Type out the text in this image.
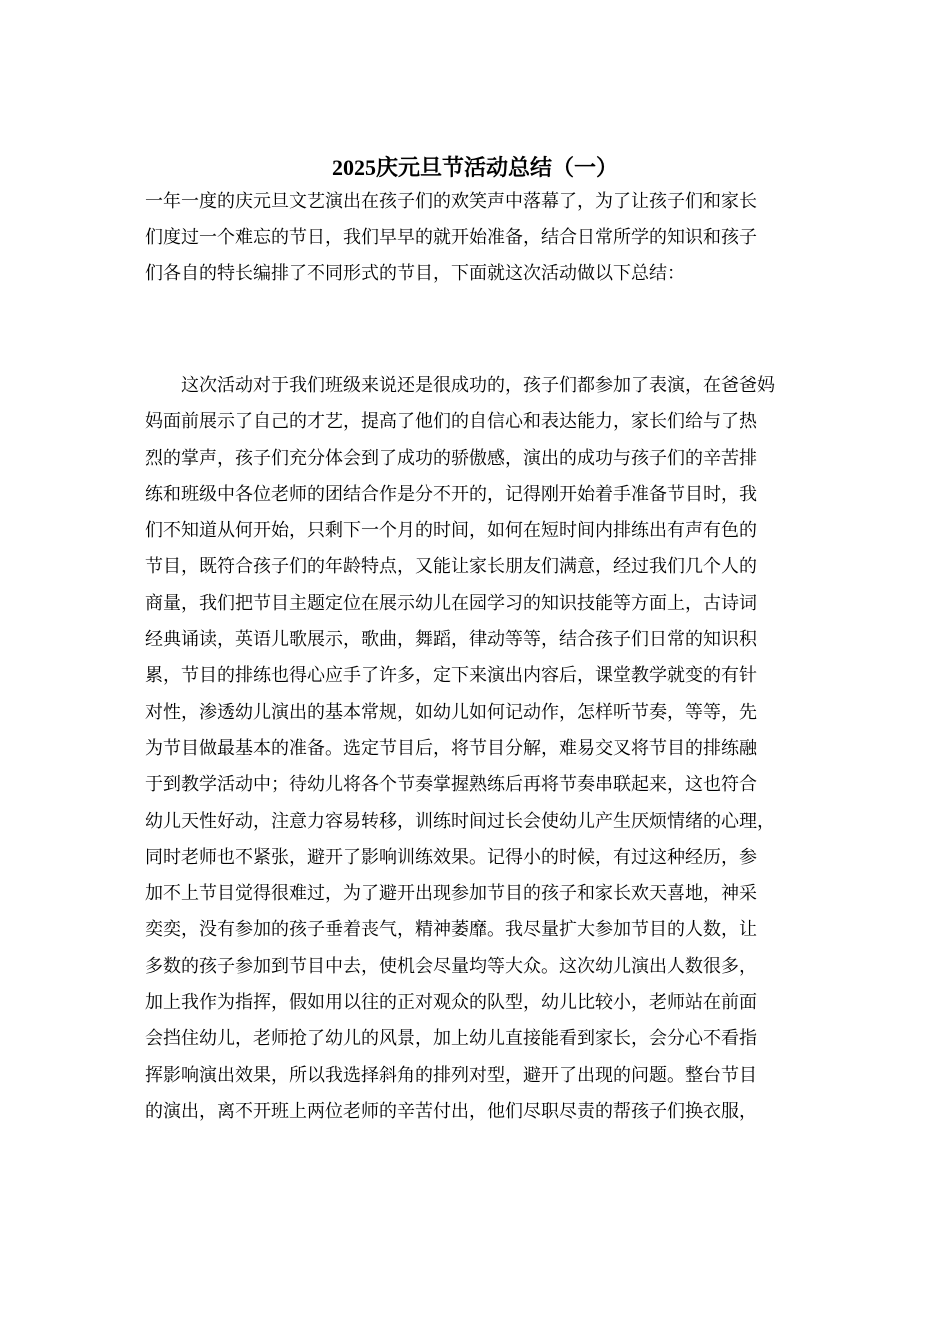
2025庆元旦节活动总结（一）
一年一度的庆元旦文艺演出在孩子们的欢笑声中落幕了，为了让孩子们和家长
们度过一个难忘的节日，我们早早的就开始准备，结合日常所学的知识和孩子
们各自的特长编排了不同形式的节目，下面就这次活动做以下总结：
　　这次活动对于我们班级来说还是很成功的，孩子们都参加了表演，在爸爸妈
妈面前展示了自己的才艺，提高了他们的自信心和表达能力，家长们给与了热
烈的掌声，孩子们充分体会到了成功的骄傲感，演出的成功与孩子们的辛苦排
练和班级中各位老师的团结合作是分不开的，记得刚开始着手准备节目时，我
们不知道从何开始，只剩下一个月的时间，如何在短时间内排练出有声有色的
节目，既符合孩子们的年龄特点，又能让家长朋友们满意，经过我们几个人的
商量，我们把节目主题定位在展示幼儿在园学习的知识技能等方面上，古诗词
经典诵读，英语儿歌展示，歌曲，舞蹈，律动等等，结合孩子们日常的知识积
累，节目的排练也得心应手了许多，定下来演出内容后，课堂教学就变的有针
对性，渗透幼儿演出的基本常规，如幼儿如何记动作，怎样听节奏，等等，先
为节目做最基本的准备。选定节目后，将节目分解，难易交叉将节目的排练融
于到教学活动中；待幼儿将各个节奏掌握熟练后再将节奏串联起来，这也符合
幼儿天性好动，注意力容易转移，训练时间过长会使幼儿产生厌烦情绪的心理，
同时老师也不紧张，避开了影响训练效果。记得小的时候，有过这种经历，参
加不上节目觉得很难过，为了避开出现参加节目的孩子和家长欢天喜地，神采
奕奕，没有参加的孩子垂着丧气，精神萎靡。我尽量扩大参加节目的人数，让
多数的孩子参加到节目中去，使机会尽量均等大众。这次幼儿演出人数很多，
加上我作为指挥，假如用以往的正对观众的队型，幼儿比较小，老师站在前面
会挡住幼儿，老师抢了幼儿的风景，加上幼儿直接能看到家长，会分心不看指
挥影响演出效果，所以我选择斜角的排列对型，避开了出现的问题。整台节目
的演出，离不开班上两位老师的辛苦付出，他们尽职尽责的帮孩子们换衣服，
